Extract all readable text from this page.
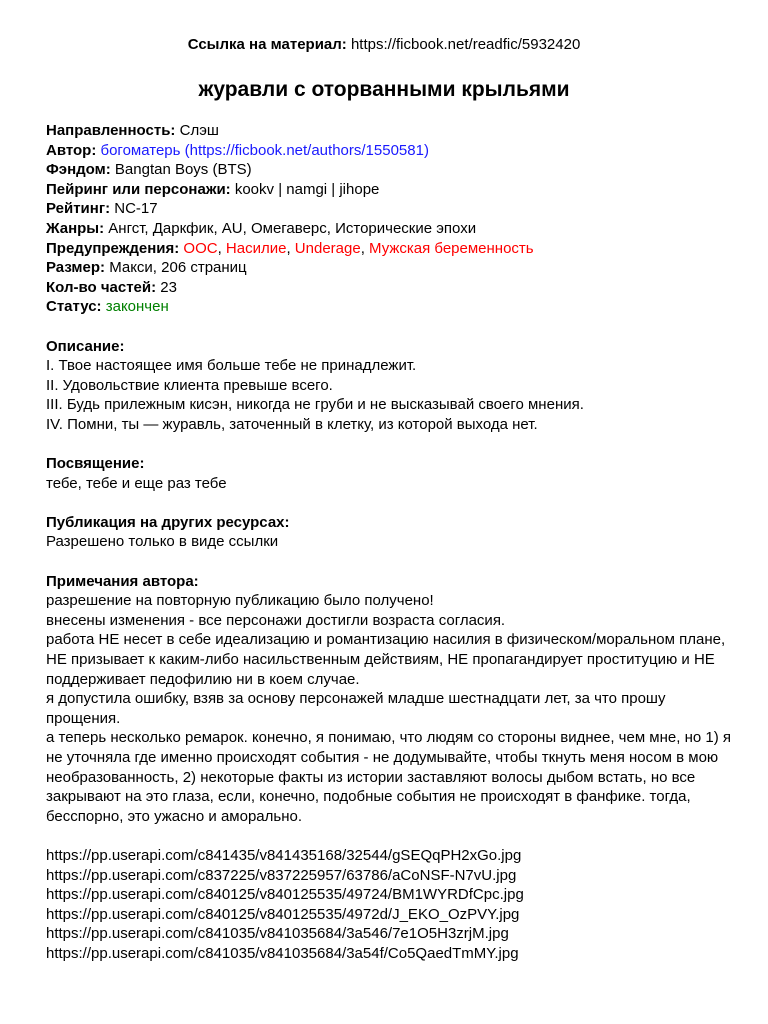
Ссылка на материал: https://ficbook.net/readfic/5932420
журавли с оторванными крыльями
Направленность: Слэш
Автор: богоматерь (https://ficbook.net/authors/1550581)
Фэндом: Bangtan Boys (BTS)
Пейринг или персонажи: kookv | namgi | jihope
Рейтинг: NC-17
Жанры: Ангст, Даркфик, AU, Омегаверс, Исторические эпохи
Предупреждения: OOC, Насилие, Underage, Мужская беременность
Размер: Макси, 206 страниц
Кол-во частей: 23
Статус: закончен
Описание:
I. Твое настоящее имя больше тебе не принадлежит.
II. Удовольствие клиента превыше всего.
III. Будь прилежным кисэн, никогда не груби и не высказывай своего мнения.
IV. Помни, ты — журавль, заточенный в клетку, из которой выхода нет.
Посвящение:
тебе, тебе и еще раз тебе
Публикация на других ресурсах:
Разрешено только в виде ссылки
Примечания автора:
разрешение на повторную публикацию было получено!
внесены изменения - все персонажи достигли возраста согласия.
работа НЕ несет в себе идеализацию и романтизацию насилия в физическом/моральном плане, НЕ призывает к каким-либо насильственным действиям, НЕ пропагандирует проституцию и НЕ поддерживает педофилию ни в коем случае.
я допустила ошибку, взяв за основу персонажей младше шестнадцати лет, за что прошу прощения.
а теперь несколько ремарок. конечно, я понимаю, что людям со стороны виднее, чем мне, но 1) я не уточняла где именно происходят события - не додумывайте, чтобы ткнуть меня носом в мою необразованность, 2) некоторые факты из истории заставляют волосы дыбом встать, но все закрывают на это глаза, если, конечно, подобные события не происходят в фанфике. тогда, бесспорно, это ужасно и аморально.
https://pp.userapi.com/c841435/v841435168/32544/gSEQqPH2xGo.jpg
https://pp.userapi.com/c837225/v837225957/63786/aCoNSF-N7vU.jpg
https://pp.userapi.com/c840125/v840125535/49724/BM1WYRDfCpc.jpg
https://pp.userapi.com/c840125/v840125535/4972d/J_EKO_OzPVY.jpg
https://pp.userapi.com/c841035/v841035684/3a546/7e1O5H3zrjM.jpg
https://pp.userapi.com/c841035/v841035684/3a54f/Co5QaedTmMY.jpg
